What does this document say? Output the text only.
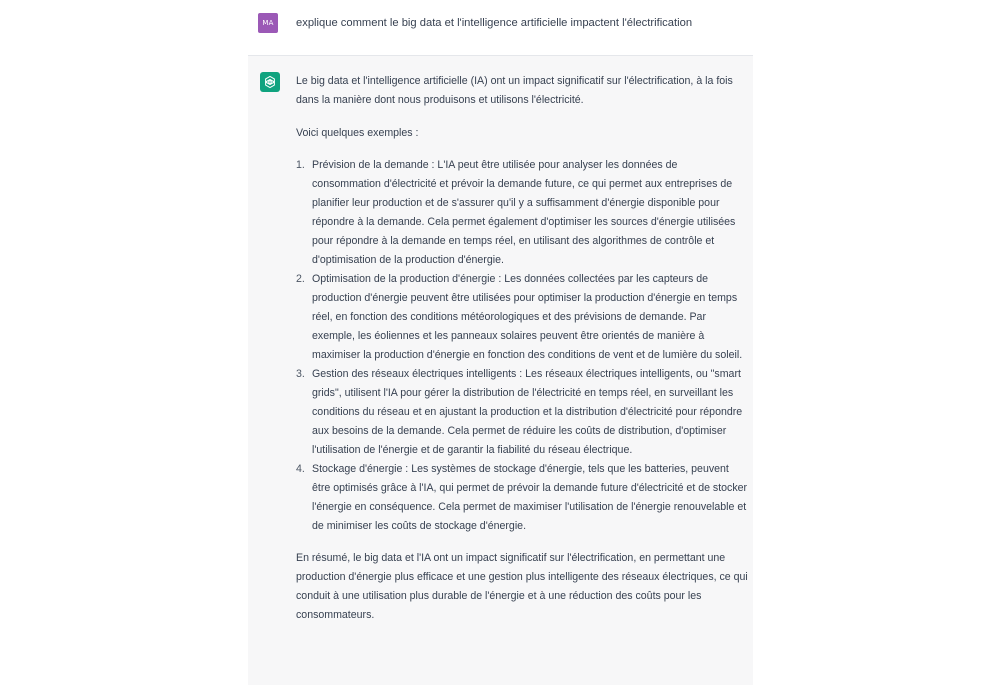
MA	explique comment le big data et l'intelligence artificielle impactent l'électrification

Le big data et l'intelligence artificielle (IA) ont un impact significatif sur l'électrification, à la fois dans la manière dont nous produisons et utilisons l'électricité.

Voici quelques exemples :

1. Prévision de la demande : L'IA peut être utilisée pour analyser les données de consommation d'électricité et prévoir la demande future, ce qui permet aux entreprises de planifier leur production et de s'assurer qu'il y a suffisamment d'énergie disponible pour répondre à la demande. Cela permet également d'optimiser les sources d'énergie utilisées pour répondre à la demande en temps réel, en utilisant des algorithmes de contrôle et d'optimisation de la production d'énergie.
2. Optimisation de la production d'énergie : Les données collectées par les capteurs de production d'énergie peuvent être utilisées pour optimiser la production d'énergie en temps réel, en fonction des conditions météorologiques et des prévisions de demande. Par exemple, les éoliennes et les panneaux solaires peuvent être orientés de manière à maximiser la production d'énergie en fonction des conditions de vent et de lumière du soleil.
3. Gestion des réseaux électriques intelligents : Les réseaux électriques intelligents, ou "smart grids", utilisent l'IA pour gérer la distribution de l'électricité en temps réel, en surveillant les conditions du réseau et en ajustant la production et la distribution d'électricité pour répondre aux besoins de la demande. Cela permet de réduire les coûts de distribution, d'optimiser l'utilisation de l'énergie et de garantir la fiabilité du réseau électrique.
4. Stockage d'énergie : Les systèmes de stockage d'énergie, tels que les batteries, peuvent être optimisés grâce à l'IA, qui permet de prévoir la demande future d'électricité et de stocker l'énergie en conséquence. Cela permet de maximiser l'utilisation de l'énergie renouvelable et de minimiser les coûts de stockage d'énergie.

En résumé, le big data et l'IA ont un impact significatif sur l'électrification, en permettant une production d'énergie plus efficace et une gestion plus intelligente des réseaux électriques, ce qui conduit à une utilisation plus durable de l'énergie et à une réduction des coûts pour les consommateurs.
